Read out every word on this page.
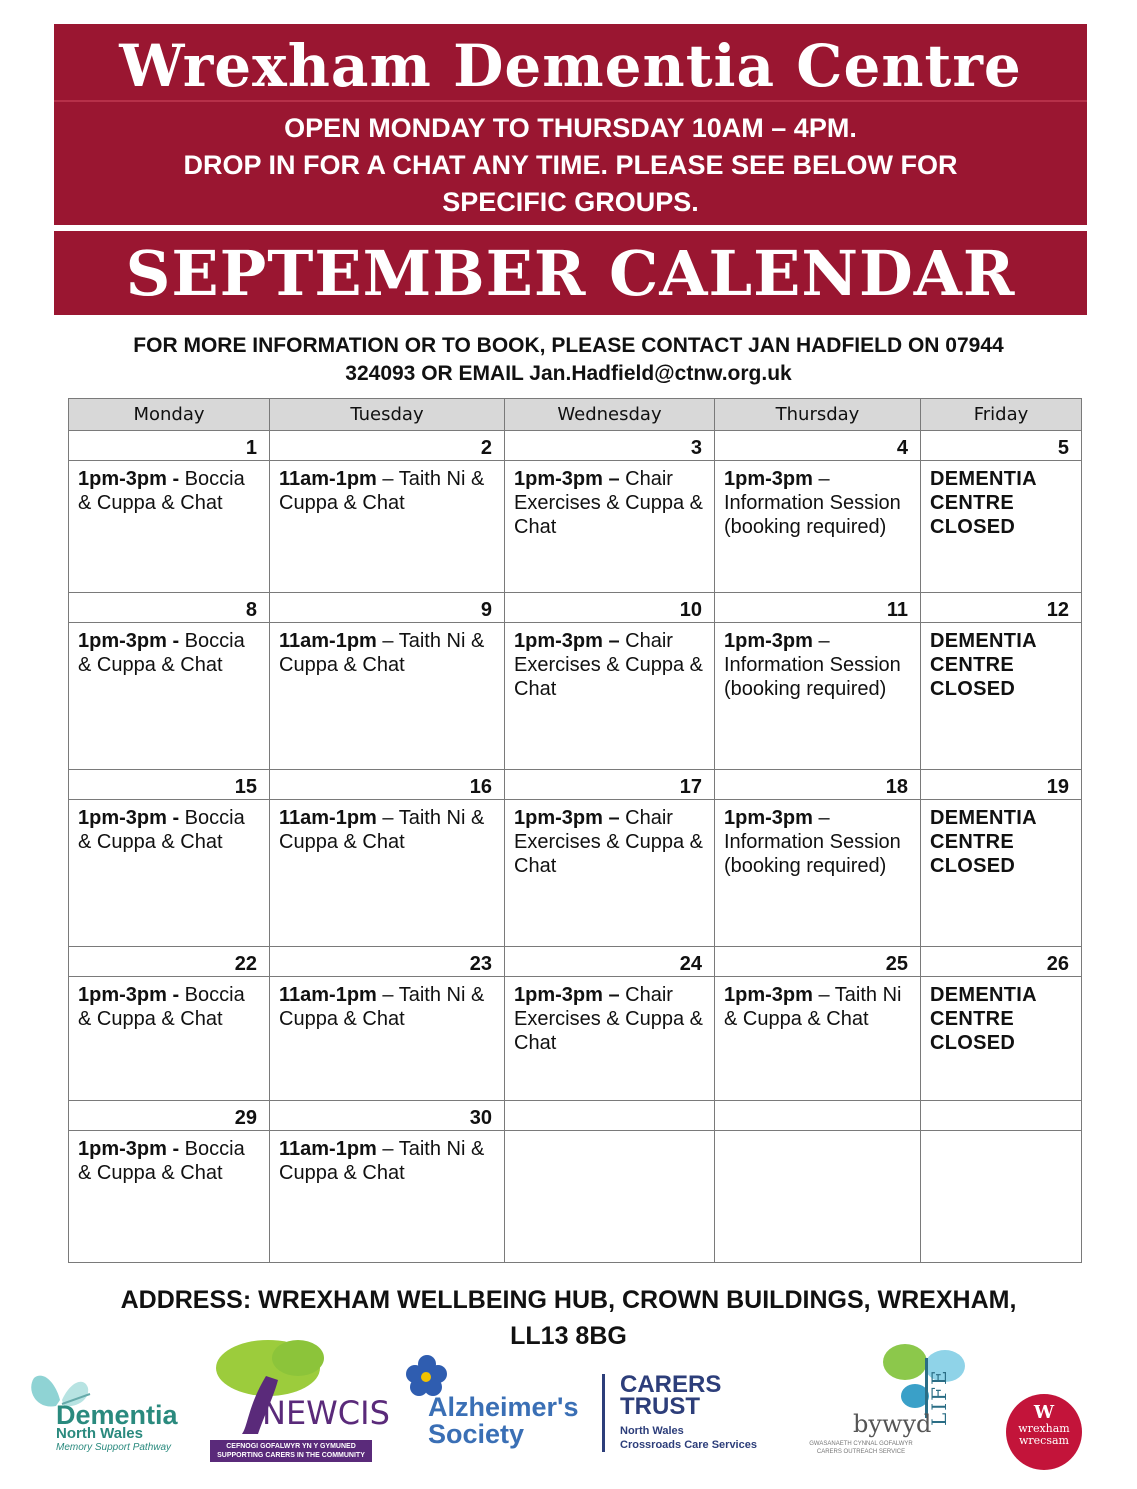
Wrexham Dementia Centre
OPEN MONDAY TO THURSDAY 10AM – 4PM.
DROP IN FOR A CHAT ANY TIME. PLEASE SEE BELOW FOR
SPECIFIC GROUPS.
SEPTEMBER CALENDAR
FOR MORE INFORMATION OR TO BOOK, PLEASE CONTACT JAN HADFIELD ON 07944
324093 OR EMAIL Jan.Hadfield@ctnw.org.uk
Monday	Tuesday	Wednesday	Thursday	Friday
1	2	3	4	5
1pm-3pm - Boccia & Cuppa & Chat	11am-1pm – Taith Ni & Cuppa & Chat	1pm-3pm – Chair Exercises & Cuppa & Chat	1pm-3pm – Information Session (booking required)	DEMENTIA CENTRE CLOSED
8	9	10	11	12
1pm-3pm - Boccia & Cuppa & Chat	11am-1pm – Taith Ni & Cuppa & Chat	1pm-3pm – Chair Exercises & Cuppa & Chat	1pm-3pm – Information Session (booking required)	DEMENTIA CENTRE CLOSED
15	16	17	18	19
1pm-3pm - Boccia & Cuppa & Chat	11am-1pm – Taith Ni & Cuppa & Chat	1pm-3pm – Chair Exercises & Cuppa & Chat	1pm-3pm – Information Session (booking required)	DEMENTIA CENTRE CLOSED
22	23	24	25	26
1pm-3pm - Boccia & Cuppa & Chat	11am-1pm – Taith Ni & Cuppa & Chat	1pm-3pm – Chair Exercises & Cuppa & Chat	1pm-3pm – Taith Ni & Cuppa & Chat	DEMENTIA CENTRE CLOSED
29	30			
1pm-3pm - Boccia & Cuppa & Chat	11am-1pm – Taith Ni & Cuppa & Chat			
ADDRESS: WREXHAM WELLBEING HUB, CROWN BUILDINGS, WREXHAM,
LL13 8BG
Dementia
North Wales
Memory Support Pathway
NEWCIS
CEFNOGI GOFALWYR YN Y GYMUNED
SUPPORTING CARERS IN THE COMMUNITY
Alzheimer's
Society
CARERS
TRUST
North Wales
Crossroads Care Services
bywyd
GWASANAETH CYNNAL GOFALWYR
CARERS OUTREACH SERVICE
LIFE	W
wrexham
wrecsam
